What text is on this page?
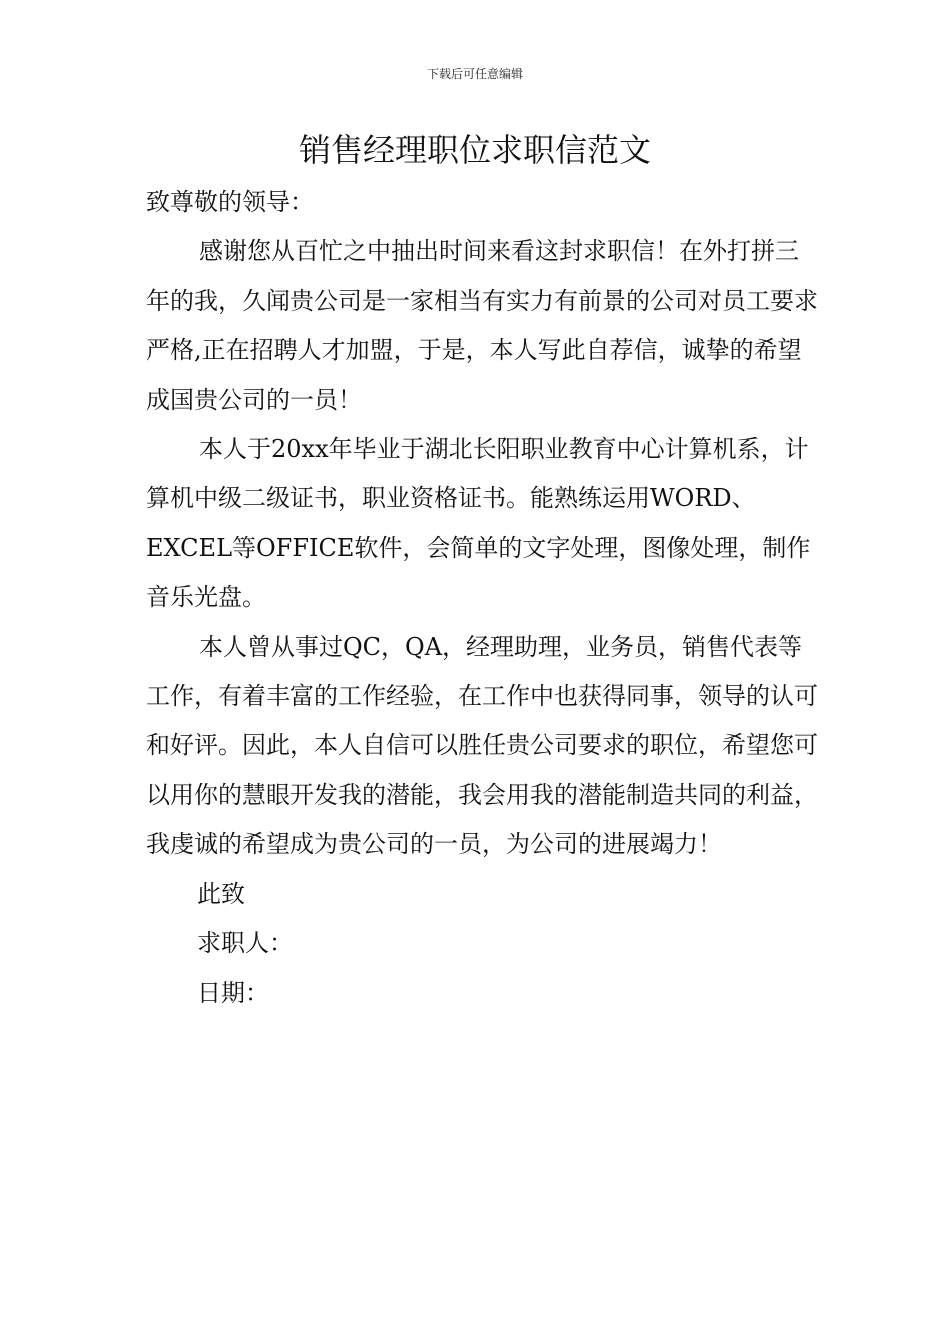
下载后可任意编辑
销售经理职位求职信范文

致尊敬的领导：

感谢您从百忙之中抽出时间来看这封求职信！在外打拼三年的我，久闻贵公司是一家相当有实力有前景的公司对员工要求严格,正在招聘人才加盟，于是，本人写此自荐信，诚挚的希望成国贵公司的一员！

本人于20xx年毕业于湖北长阳职业教育中心计算机系，计算机中级二级证书，职业资格证书。能熟练运用WORD、EXCEL等OFFICE软件，会简单的文字处理，图像处理，制作音乐光盘。

本人曾从事过QC，QA，经理助理，业务员，销售代表等工作，有着丰富的工作经验，在工作中也获得同事，领导的认可和好评。因此，本人自信可以胜任贵公司要求的职位，希望您可以用你的慧眼开发我的潜能，我会用我的潜能制造共同的利益，我虔诚的希望成为贵公司的一员，为公司的进展竭力！

此致

求职人：

日期：
